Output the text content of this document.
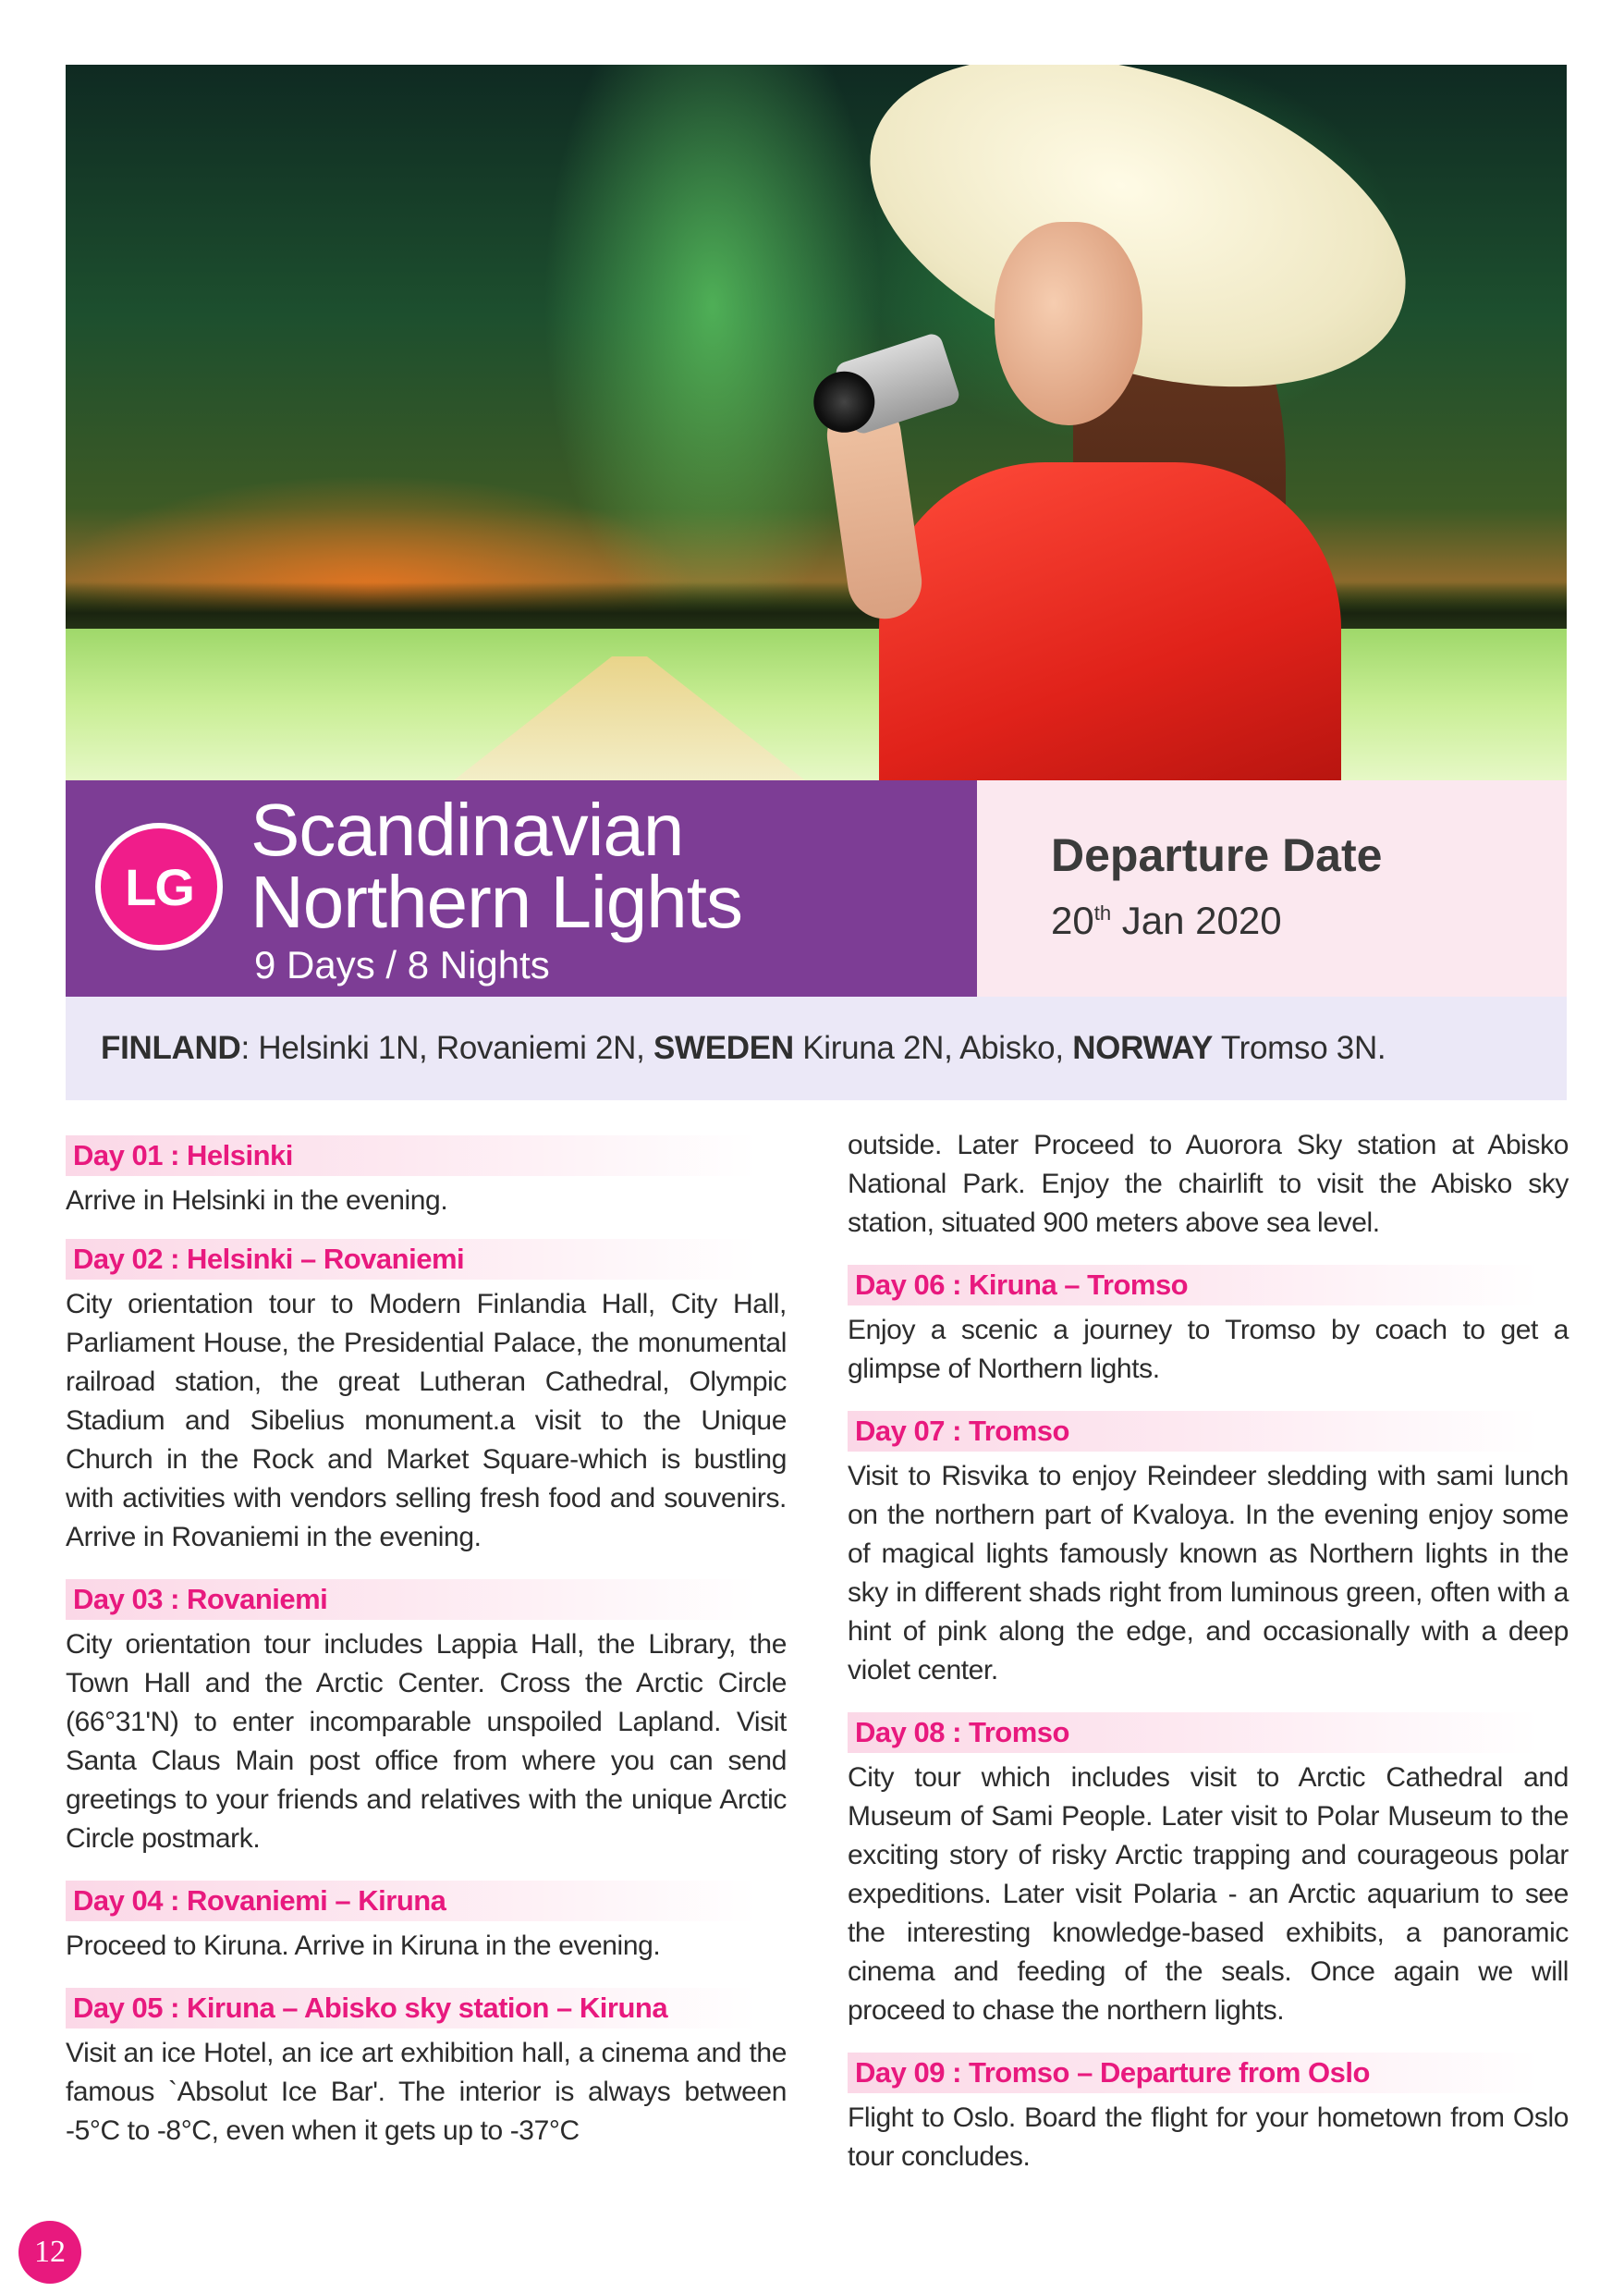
LG
Scandinavian
Northern Lights
9 Days / 8 Nights
Departure Date
20th Jan 2020
FINLAND: Helsinki 1N, Rovaniemi 2N, SWEDEN Kiruna 2N, Abisko, NORWAY Tromso 3N.
Day 01 : Helsinki

Arrive in Helsinki in the evening.

Day 02 : Helsinki – Rovaniemi

City orientation tour to Modern Finlandia Hall, City Hall, Parliament House, the Presidential Palace, the monumental railroad station, the great Lutheran Cathedral, Olympic Stadium and Sibelius monument.a visit to the Unique Church in the Rock and Market Square-which is bustling with activities with vendors selling fresh food and souvenirs. Arrive in Rovaniemi in the evening.

Day 03 : Rovaniemi

City orientation tour includes Lappia Hall, the Library, the Town Hall and the Arctic Center. Cross the Arctic Circle (66°31'N) to enter incomparable unspoiled Lapland. Visit Santa Claus Main post office from where you can send greetings to your friends and relatives with the unique Arctic Circle postmark.

Day 04 : Rovaniemi – Kiruna

Proceed to Kiruna. Arrive in Kiruna in the evening.

Day 05 : Kiruna – Abisko sky station – Kiruna

Visit an ice Hotel, an ice art exhibition hall, a cinema and the famous `Absolut Ice Bar'. The interior is always between -5°C to -8°C, even when it gets up to -37°C

outside. Later Proceed to Auorora Sky station at Abisko National Park. Enjoy the chairlift to visit the Abisko sky station, situated 900 meters above sea level.

Day 06 : Kiruna – Tromso

Enjoy a scenic a journey to Tromso by coach to get a glimpse of Northern lights.

Day 07 : Tromso

Visit to Risvika to enjoy Reindeer sledding with sami lunch on the northern part of Kvaloya. In the evening enjoy some of magical lights famously known as Northern lights in the sky in different shads right from luminous green, often with a hint of pink along the edge, and occasionally with a deep violet center.

Day 08 : Tromso

City tour which includes visit to Arctic Cathedral and Museum of Sami People. Later visit to Polar Museum to the exciting story of risky Arctic trapping and courageous polar expeditions. Later visit Polaria - an Arctic aquarium to see the interesting knowledge-based exhibits, a panoramic cinema and feeding of the seals. Once again we will proceed to chase the northern lights.

Day 09 : Tromso – Departure from Oslo

Flight to Oslo. Board the flight for your hometown from Oslo tour concludes.

12
